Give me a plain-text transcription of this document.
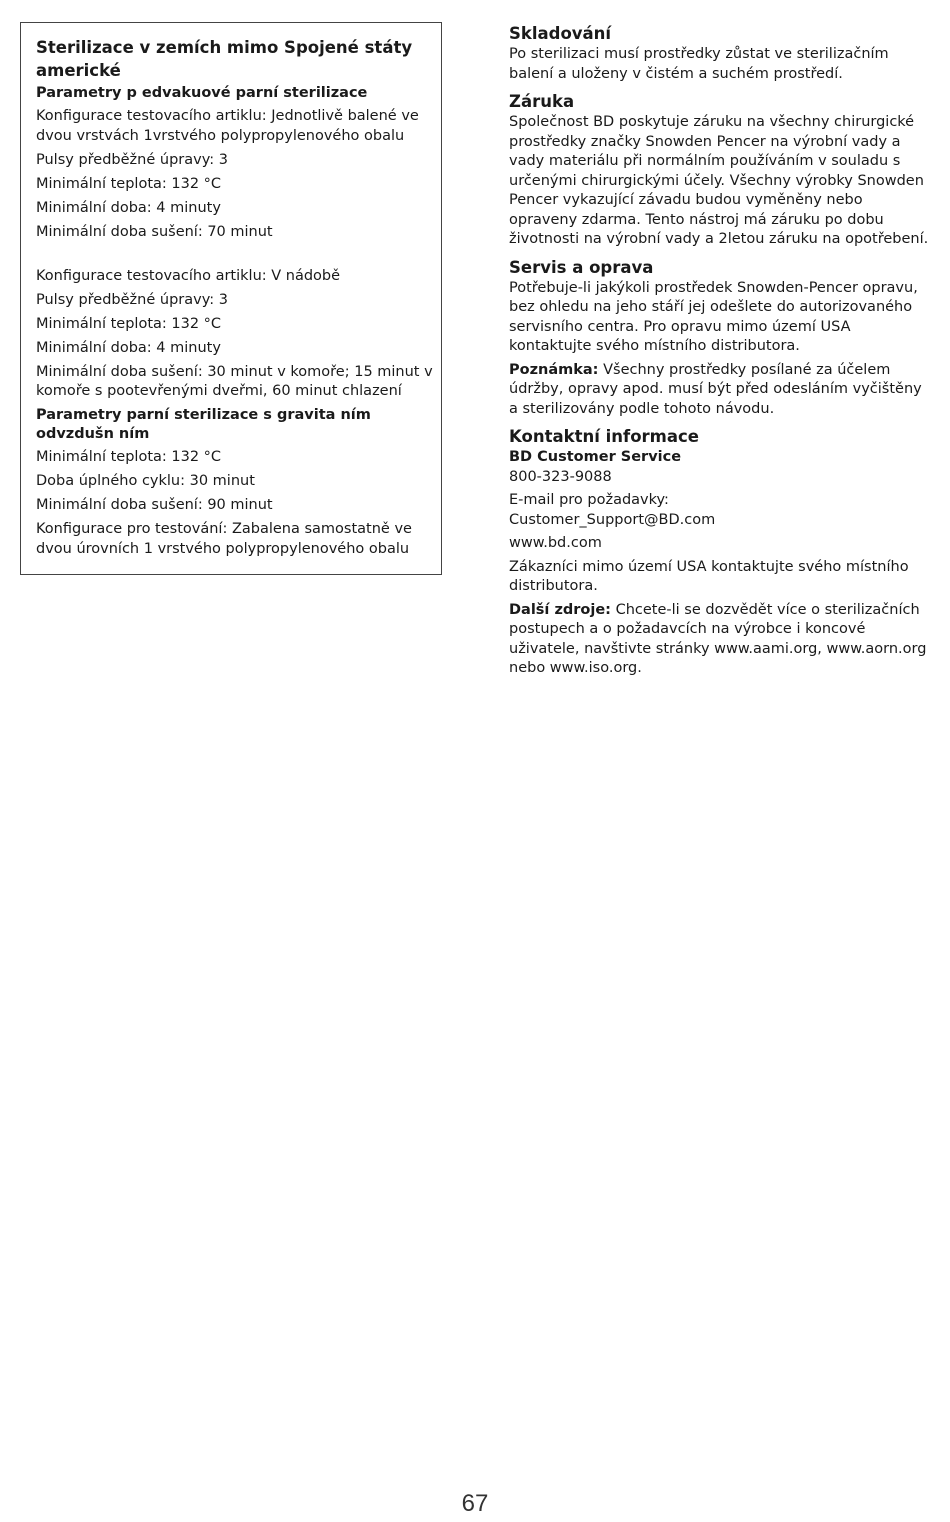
Sterilizace v zemích mimo Spojené státy americké
Parametry p edvakuové parní sterilizace
Konfigurace testovacího artiklu: Jednotlivě balené ve dvou vrstvách 1vrstvého polypropylenového obalu
Pulsy předběžné úpravy: 3
Minimální teplota: 132 °C
Minimální doba: 4 minuty
Minimální doba sušení: 70 minut
Konfigurace testovacího artiklu: V nádobě
Pulsy předběžné úpravy: 3
Minimální teplota: 132 °C
Minimální doba: 4 minuty
Minimální doba sušení: 30 minut v komoře; 15 minut v komoře s pootevřenými dveřmi, 60 minut chlazení
Parametry parní sterilizace s gravita ním odvzdušn ním
Minimální teplota: 132 °C
Doba úplného cyklu: 30 minut
Minimální doba sušení: 90 minut
Konfigurace pro testování: Zabalena samostatně ve dvou úrovních 1 vrstvého polypropylenového obalu
Skladování
Po sterilizaci musí prostředky zůstat ve sterilizačním balení a uloženy v čistém a suchém prostředí.
Záruka
Společnost BD poskytuje záruku na všechny chirurgické prostředky značky Snowden Pencer na výrobní vady a vady materiálu při normálním používáním v souladu s určenými chirurgickými účely. Všechny výrobky Snowden Pencer vykazující závadu budou vyměněny nebo opraveny zdarma. Tento nástroj má záruku po dobu životnosti na výrobní vady a 2letou záruku na opotřebení.
Servis a oprava
Potřebuje-li jakýkoli prostředek Snowden-Pencer opravu, bez ohledu na jeho stáří jej odešlete do autorizovaného servisního centra. Pro opravu mimo území USA kontaktujte svého místního distributora.
Poznámka: Všechny prostředky posílané za účelem údržby, opravy apod. musí být před odesláním vyčištěny a sterilizovány podle tohoto návodu.
Kontaktní informace
BD Customer Service
800-323-9088
E-mail pro požadavky:
Customer_Support@BD.com
www.bd.com
Zákazníci mimo území USA kontaktujte svého místního distributora.
Další zdroje: Chcete-li se dozvědět více o sterilizačních postupech a o požadavcích na výrobce i koncové uživatele, navštivte stránky www.aami.org, www.aorn.org nebo www.iso.org.
67
